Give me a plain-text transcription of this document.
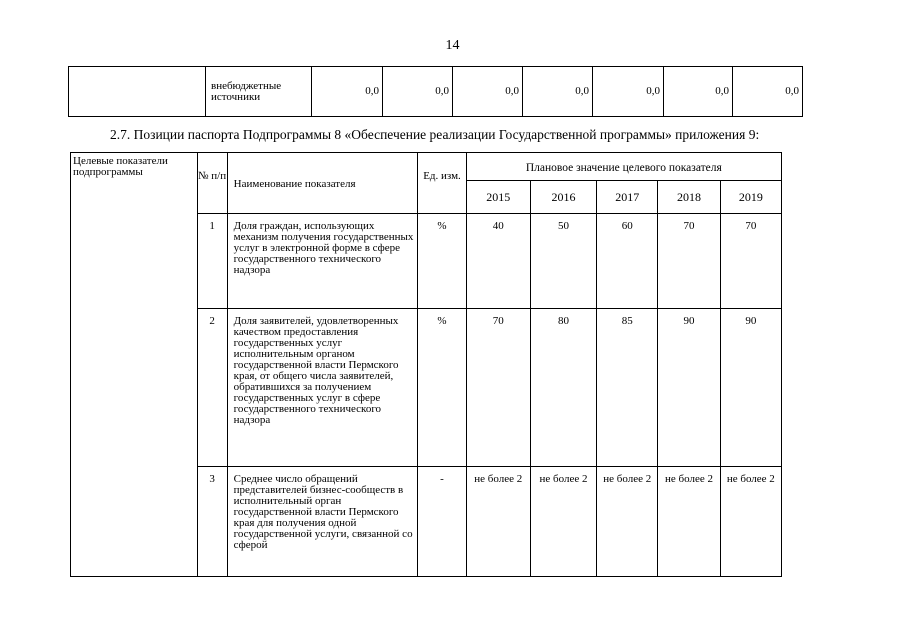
14
	внебюджетные источники	0,0	0,0	0,0	0,0	0,0	0,0	0,0
2.7. Позиции паспорта Подпрограммы 8 «Обеспечение реализации Государственной программы» приложения 9:
Целевые показатели подпрограммы	№ п/п	Наименование показателя	Ед. изм.	Плановое значение целевого показателя				
				2015	2016	2017	2018	2019
	1	Доля граждан, использующих механизм получения государственных услуг в электронной форме в сфере государственного технического надзора	%	40	50	60	70	70
	2	Доля заявителей, удовлетворенных качеством предоставления государственных услуг исполнительным органом государственной власти Пермского края, от общего числа заявителей, обратившихся за получением государственных услуг в сфере государственного технического надзора	%	70	80	85	90	90
	3	Среднее число обращений представителей бизнес-сообществ в исполнительный орган государственной власти Пермского края для получения одной государственной услуги, связанной со сферой	-	не более 2	не более 2	не более 2	не более 2	не более 2
